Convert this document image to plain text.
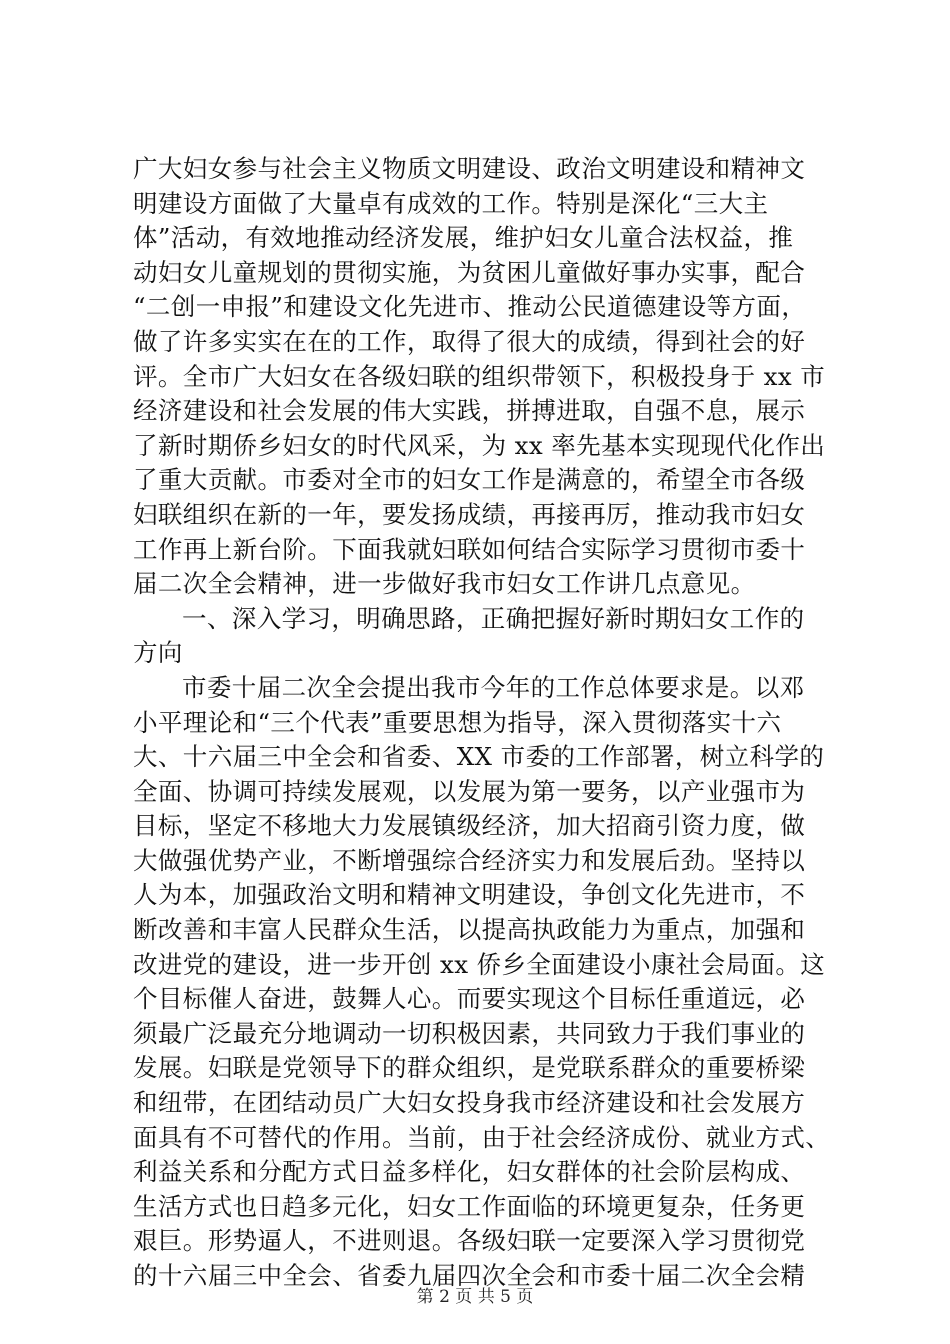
广大妇女参与社会主义物质文明建设、政治文明建设和精神文
明建设方面做了大量卓有成效的工作。特别是深化“三大主
体”活动，有效地推动经济发展，维护妇女儿童合法权益，推
动妇女儿童规划的贯彻实施，为贫困儿童做好事办实事，配合
“二创一申报”和建设文化先进市、推动公民道德建设等方面，
做了许多实实在在的工作，取得了很大的成绩，得到社会的好
评。全市广大妇女在各级妇联的组织带领下，积极投身于 xx 市
经济建设和社会发展的伟大实践，拼搏进取，自强不息，展示
了新时期侨乡妇女的时代风采，为 xx 率先基本实现现代化作出
了重大贡献。市委对全市的妇女工作是满意的，希望全市各级
妇联组织在新的一年，要发扬成绩，再接再厉，推动我市妇女
工作再上新台阶。下面我就妇联如何结合实际学习贯彻市委十
届二次全会精神，进一步做好我市妇女工作讲几点意见。
一、深入学习，明确思路，正确把握好新时期妇女工作的
方向
市委十届二次全会提出我市今年的工作总体要求是。以邓
小平理论和“三个代表”重要思想为指导，深入贯彻落实十六
大、十六届三中全会和省委、XX 市委的工作部署，树立科学的
全面、协调可持续发展观，以发展为第一要务，以产业强市为
目标，坚定不移地大力发展镇级经济，加大招商引资力度，做
大做强优势产业，不断增强综合经济实力和发展后劲。坚持以
人为本，加强政治文明和精神文明建设，争创文化先进市，不
断改善和丰富人民群众生活，以提高执政能力为重点，加强和
改进党的建设，进一步开创 xx 侨乡全面建设小康社会局面。这
个目标催人奋进，鼓舞人心。而要实现这个目标任重道远，必
须最广泛最充分地调动一切积极因素，共同致力于我们事业的
发展。妇联是党领导下的群众组织，是党联系群众的重要桥梁
和纽带，在团结动员广大妇女投身我市经济建设和社会发展方
面具有不可替代的作用。当前，由于社会经济成份、就业方式、
利益关系和分配方式日益多样化，妇女群体的社会阶层构成、
生活方式也日趋多元化，妇女工作面临的环境更复杂，任务更
艰巨。形势逼人，不进则退。各级妇联一定要深入学习贯彻党
的十六届三中全会、省委九届四次全会和市委十届二次全会精
第 2 页 共 5 页
